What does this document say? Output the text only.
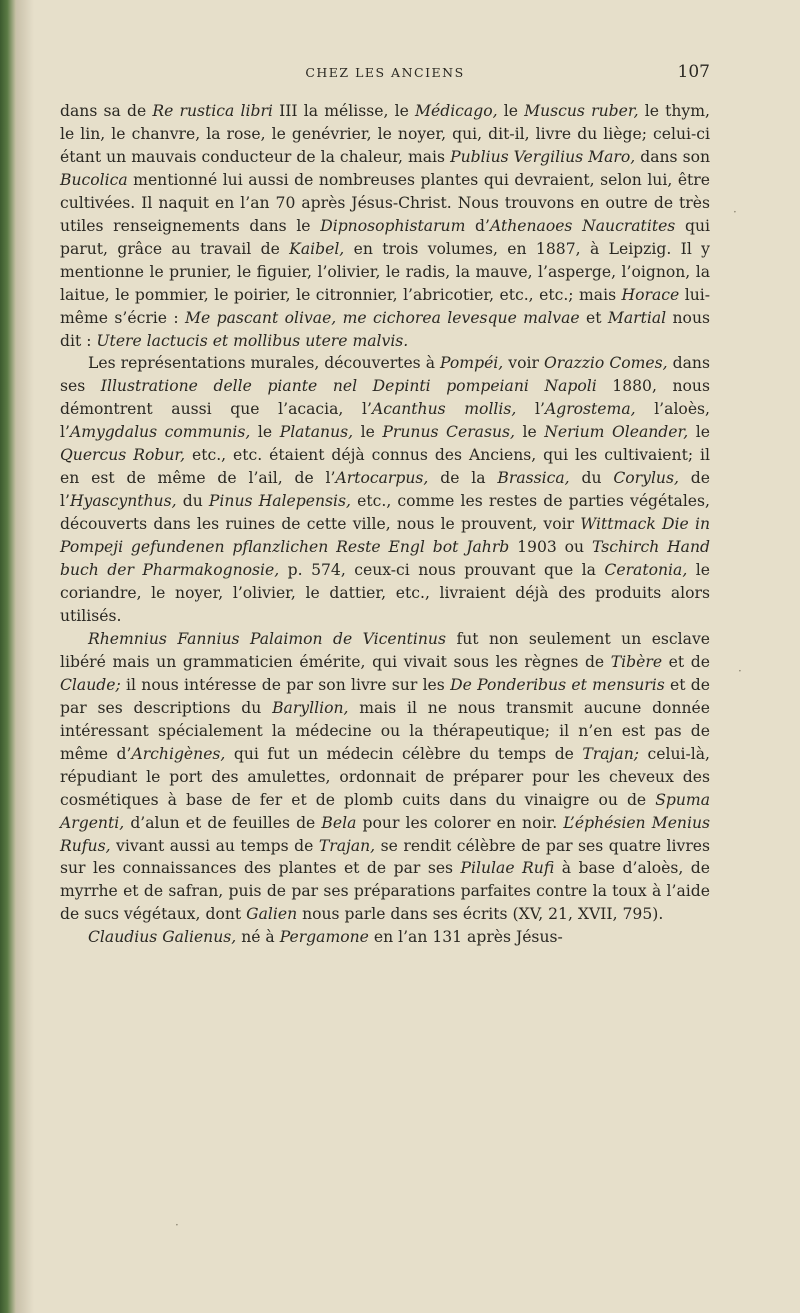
CHEZ LES ANCIENS	107

dans sa de Re rustica libri III la mélisse, le Médicago, le Muscus ruber, le thym, le lin, le chanvre, la rose, le genévrier, le noyer, qui, dit-il, livre du liège; celui-ci étant un mauvais conducteur de la chaleur, mais Publius Vergilius Maro, dans son Bucolica mentionné lui aussi de nombreuses plantes qui devraient, selon lui, être cultivées. Il naquit en l’an 70 après Jésus-Christ. Nous trouvons en outre de très utiles renseignements dans le Dipnosophistarum d’Athenaoes Naucratites qui parut, grâce au travail de Kaibel, en trois volumes, en 1887, à Leipzig. Il y mentionne le prunier, le figuier, l’olivier, le radis, la mauve, l’asperge, l’oignon, la laitue, le pommier, le poirier, le citronnier, l’abricotier, etc., etc.; mais Horace lui-même s’écrie : Me pascant olivae, me cichorea levesque malvae et Martial nous dit : Utere lactucis et mollibus utere malvis.

Les représentations murales, découvertes à Pompéi, voir Orazzio Comes, dans ses Illustratione delle piante nel Depinti pompeiani Napoli 1880, nous démontrent aussi que l’acacia, l’Acanthus mollis, l’Agrostema, l’aloès, l’Amygdalus communis, le Platanus, le Prunus Cerasus, le Nerium Oleander, le Quercus Robur, etc., etc. étaient déjà connus des Anciens, qui les cultivaient; il en est de même de l’ail, de l’Artocarpus, de la Brassica, du Corylus, de l’Hyascynthus, du Pinus Halepensis, etc., comme les restes de parties végétales, découverts dans les ruines de cette ville, nous le prouvent, voir Wittmack Die in Pompeji gefundenen pflanzlichen Reste Engl bot Jahrb 1903 ou Tschirch Hand buch der Pharmakognosie, p. 574, ceux-ci nous prouvant que la Ceratonia, le coriandre, le noyer, l’olivier, le dattier, etc., livraient déjà des produits alors utilisés.

Rhemnius Fannius Palaimon de Vicentinus fut non seulement un esclave libéré mais un grammaticien émérite, qui vivait sous les règnes de Tibère et de Claude; il nous intéresse de par son livre sur les De Ponderibus et mensuris et de par ses descriptions du Baryllion, mais il ne nous transmit aucune donnée intéressant spécialement la médecine ou la thérapeutique; il n’en est pas de même d’Archigènes, qui fut un médecin célèbre du temps de Trajan; celui-là, répudiant le port des amulettes, ordonnait de préparer pour les cheveux des cosmétiques à base de fer et de plomb cuits dans du vinaigre ou de Spuma Argenti, d’alun et de feuilles de Bela pour les colorer en noir. L’éphésien Menius Rufus, vivant aussi au temps de Trajan, se rendit célèbre de par ses quatre livres sur les connaissances des plantes et de par ses Pilulae Rufi à base d’aloès, de myrrhe et de safran, puis de par ses préparations parfaites contre la toux à l’aide de sucs végétaux, dont Galien nous parle dans ses écrits (XV, 21, XVII, 795).

Claudius Galienus, né à Pergamone en l’an 131 après Jésus-

·
·
·
